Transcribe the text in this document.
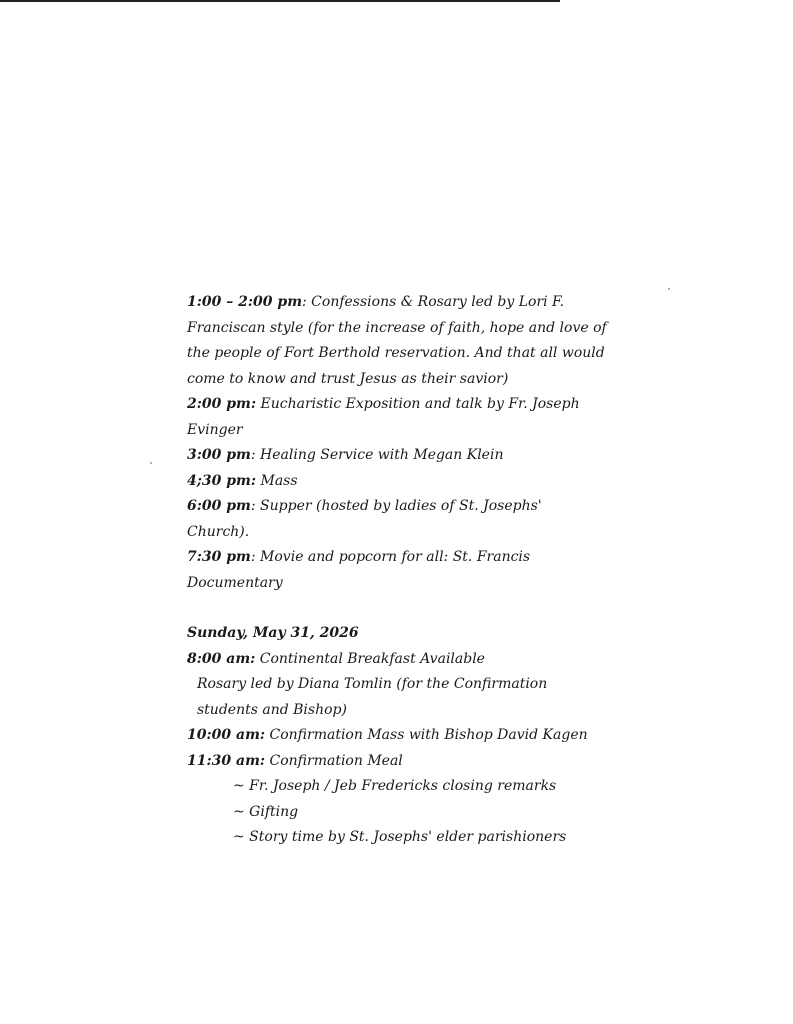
1:00 – 2:00 pm: Confessions & Rosary led by Lori F. Franciscan style (for the increase of faith, hope and love of the people of Fort Berthold reservation. And that all would come to know and trust Jesus as their savior)

2:00 pm: Eucharistic Exposition and talk by Fr. Joseph Evinger

3:00 pm: Healing Service with Megan Klein

4;30 pm: Mass

6:00 pm: Supper (hosted by ladies of St. Josephs' Church).

7:30 pm: Movie and popcorn for all: St. Francis Documentary

Sunday, May 31, 2026

8:00 am: Continental Breakfast Available

Rosary led by Diana Tomlin (for the Confirmation students and Bishop)

10:00 am: Confirmation Mass with Bishop David Kagen

11:30 am: Confirmation Meal

~ Fr. Joseph / Jeb Fredericks closing remarks

~ Gifting

~ Story time by St. Josephs' elder parishioners
